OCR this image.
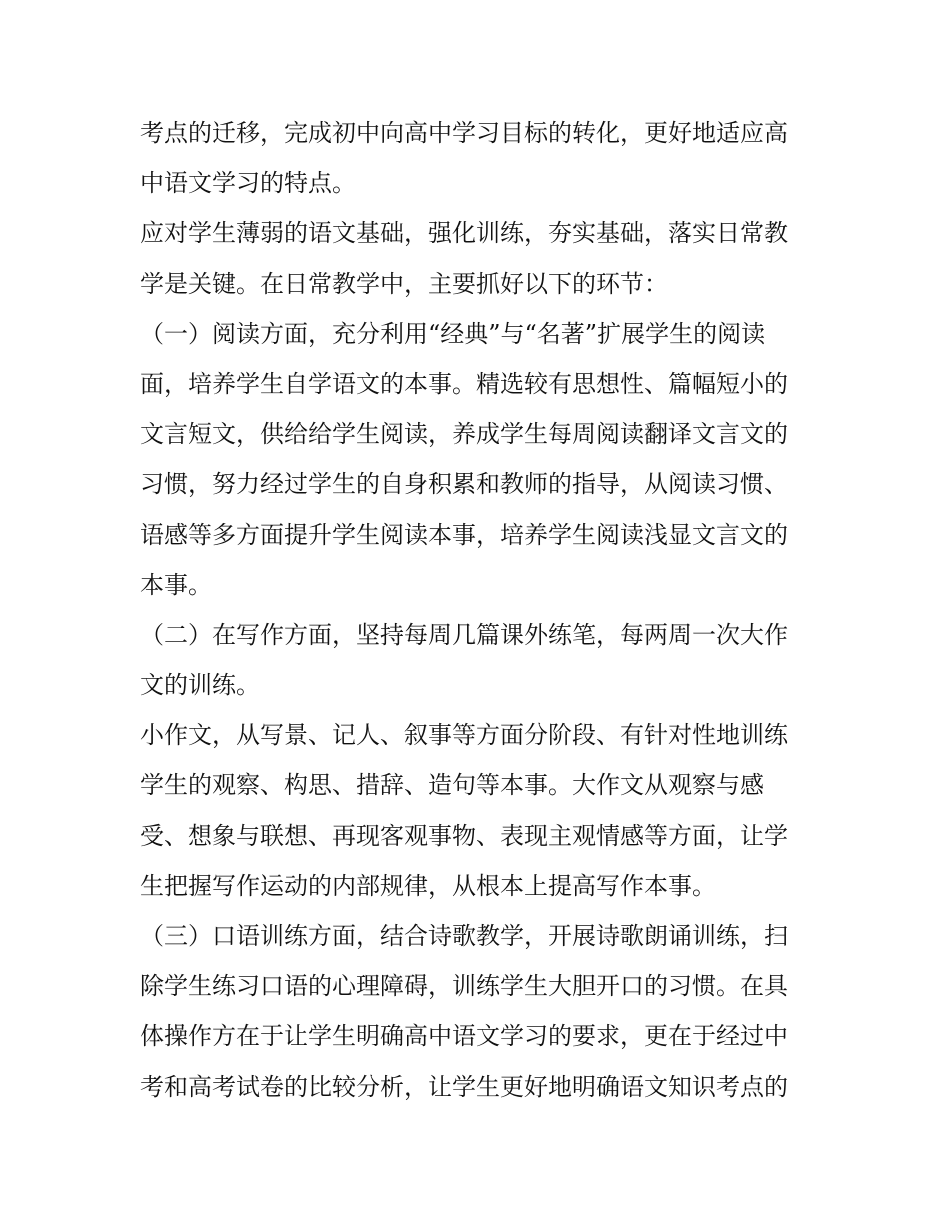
考点的迁移，完成初中向高中学习目标的转化，更好地适应高
中语文学习的特点。
应对学生薄弱的语文基础，强化训练，夯实基础，落实日常教
学是关键。在日常教学中，主要抓好以下的环节：
（一）阅读方面，充分利用“经典”与“名著”扩展学生的阅读
面，培养学生自学语文的本事。精选较有思想性、篇幅短小的
文言短文，供给给学生阅读，养成学生每周阅读翻译文言文的
习惯，努力经过学生的自身积累和教师的指导，从阅读习惯、
语感等多方面提升学生阅读本事，培养学生阅读浅显文言文的
本事。
（二）在写作方面，坚持每周几篇课外练笔，每两周一次大作
文的训练。
小作文，从写景、记人、叙事等方面分阶段、有针对性地训练
学生的观察、构思、措辞、造句等本事。大作文从观察与感
受、想象与联想、再现客观事物、表现主观情感等方面，让学
生把握写作运动的内部规律，从根本上提高写作本事。
（三）口语训练方面，结合诗歌教学，开展诗歌朗诵训练，扫
除学生练习口语的心理障碍，训练学生大胆开口的习惯。在具
体操作方在于让学生明确高中语文学习的要求，更在于经过中
考和高考试卷的比较分析，让学生更好地明确语文知识考点的
